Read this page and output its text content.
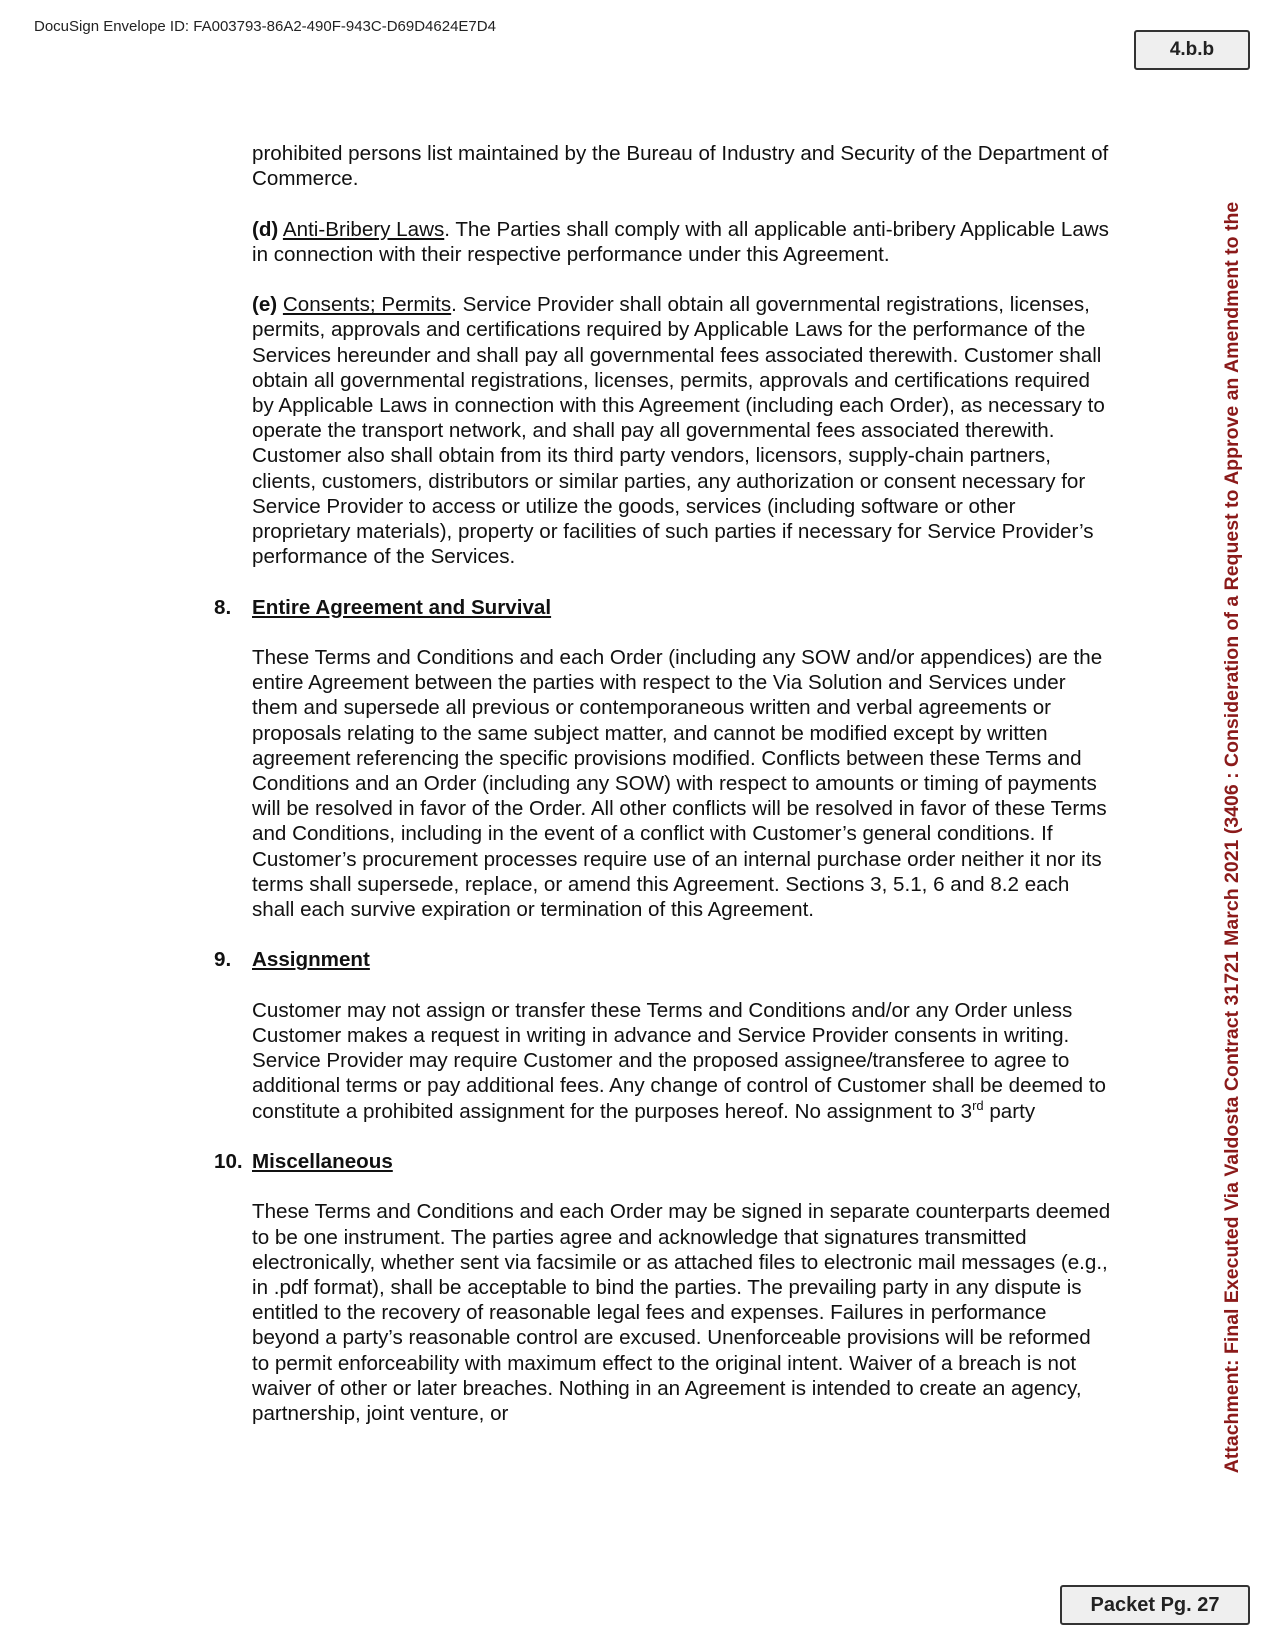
DocuSign Envelope ID: FA003793-86A2-490F-943C-D69D4624E7D4

4.b.b
Attachment: Final Executed Via Valdosta Contract 31721 March 2021 (3406 : Consideration of a Request to Approve an Amendment to the

prohibited persons list maintained by the Bureau of Industry and Security of the Department of Commerce.

(d) Anti-Bribery Laws. The Parties shall comply with all applicable anti-bribery Applicable Laws in connection with their respective performance under this Agreement.

(e) Consents; Permits. Service Provider shall obtain all governmental registrations, licenses, permits, approvals and certifications required by Applicable Laws for the performance of the Services hereunder and shall pay all governmental fees associated therewith. Customer shall obtain all governmental registrations, licenses, permits, approvals and certifications required by Applicable Laws in connection with this Agreement (including each Order), as necessary to operate the transport network, and shall pay all governmental fees associated therewith. Customer also shall obtain from its third party vendors, licensors, supply-chain partners, clients, customers, distributors or similar parties, any authorization or consent necessary for Service Provider to access or utilize the goods, services (including software or other proprietary materials), property or facilities of such parties if necessary for Service Provider’s performance of the Services.

8. Entire Agreement and Survival

These Terms and Conditions and each Order (including any SOW and/or appendices) are the entire Agreement between the parties with respect to the Via Solution and Services under them and supersede all previous or contemporaneous written and verbal agreements or proposals relating to the same subject matter, and cannot be modified except by written agreement referencing the specific provisions modified. Conflicts between these Terms and Conditions and an Order (including any SOW) with respect to amounts or timing of payments will be resolved in favor of the Order. All other conflicts will be resolved in favor of these Terms and Conditions, including in the event of a conflict with Customer’s general conditions. If Customer’s procurement processes require use of an internal purchase order neither it nor its terms shall supersede, replace, or amend this Agreement. Sections 3, 5.1, 6 and 8.2 each shall each survive expiration or termination of this Agreement.

9. Assignment

Customer may not assign or transfer these Terms and Conditions and/or any Order unless Customer makes a request in writing in advance and Service Provider consents in writing. Service Provider may require Customer and the proposed assignee/transferee to agree to additional terms or pay additional fees. Any change of control of Customer shall be deemed to constitute a prohibited assignment for the purposes hereof. No assignment to 3rd party

10. Miscellaneous

These Terms and Conditions and each Order may be signed in separate counterparts deemed to be one instrument. The parties agree and acknowledge that signatures transmitted electronically, whether sent via facsimile or as attached files to electronic mail messages (e.g., in .pdf format), shall be acceptable to bind the parties. The prevailing party in any dispute is entitled to the recovery of reasonable legal fees and expenses. Failures in performance beyond a party’s reasonable control are excused. Unenforceable provisions will be reformed to permit enforceability with maximum effect to the original intent. Waiver of a breach is not waiver of other or later breaches. Nothing in an Agreement is intended to create an agency, partnership, joint venture, or

Packet Pg. 27
